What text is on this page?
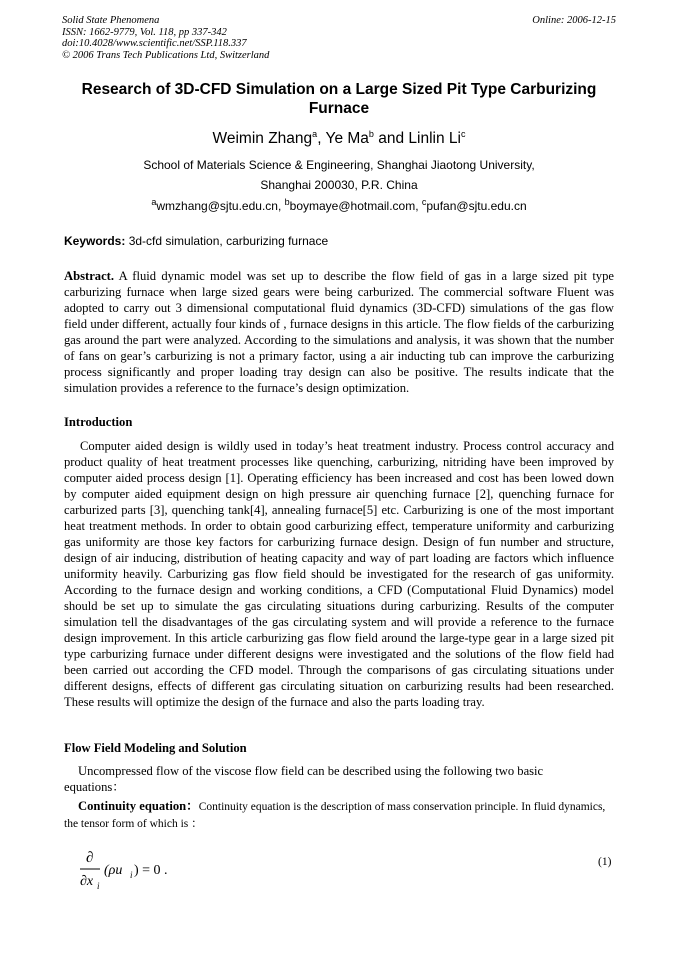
Solid State Phenomena
ISSN: 1662-9779, Vol. 118, pp 337-342
doi:10.4028/www.scientific.net/SSP.118.337
© 2006 Trans Tech Publications Ltd, Switzerland
Online: 2006-12-15
Research of 3D-CFD Simulation on a Large Sized Pit Type Carburizing Furnace
Weimin Zhang$^a$, Ye Ma$^b$ and Linlin Li$^c$
School of Materials Science & Engineering, Shanghai Jiaotong University,
Shanghai 200030, P.R. China
$^a$wmzhang@sjtu.edu.cn, $^b$boymaye@hotmail.com, $^c$pufan@sjtu.edu.cn
Keywords: 3d-cfd simulation, carburizing furnace
Abstract. A fluid dynamic model was set up to describe the flow field of gas in a large sized pit type carburizing furnace when large sized gears were being carburized. The commercial software Fluent was adopted to carry out 3 dimensional computational fluid dynamics (3D-CFD) simulations of the gas flow field under different, actually four kinds of , furnace designs in this article. The flow fields of the carburizing gas around the part were analyzed. According to the simulations and analysis, it was shown that the number of fans on gear’s carburizing is not a primary factor, using a air inducting tub can improve the carburizing process significantly and proper loading tray design can also be positive. The results indicate that the simulation provides a reference to the furnace’s design optimization.
Introduction
Computer aided design is wildly used in today’s heat treatment industry. Process control accuracy and product quality of heat treatment processes like quenching, carburizing, nitriding have been improved by computer aided process design [1]. Operating efficiency has been increased and cost has been lowed down by computer aided equipment design on high pressure air quenching furnace [2], quenching furnace for carburized parts [3], quenching tank[4], annealing furnace[5] etc. Carburizing is one of the most important heat treatment methods. In order to obtain good carburizing effect, temperature uniformity and carburizing gas uniformity are those key factors for carburizing furnace design. Design of fun number and structure, design of air inducing, distribution of heating capacity and way of part loading are factors which influence uniformity heavily. Carburizing gas flow field should be investigated for the research of gas uniformity. According to the furnace design and working conditions, a CFD (Computational Fluid Dynamics) model should be set up to simulate the gas circulating situations during carburizing. Results of the computer simulation tell the disadvantages of the gas circulating system and will provide a reference to the furnace design improvement. In this article carburizing gas flow field around the large-type gear in a large sized pit type carburizing furnace under different designs were investigated and the solutions of the flow field had been carried out according the CFD model. Through the comparisons of gas circulating situations under different designs, effects of different gas circulating situation on carburizing results had been researched. These results will optimize the design of the furnace and also the parts loading tray.
Flow Field Modeling and Solution
Uncompressed flow of the viscose flow field can be described using the following two basic equations：
Continuity equation：Continuity equation is the description of mass conservation principle. In fluid dynamics, the tensor form of which is ：
∂
∂x i
(ρu i ) = 0 .
(1)
